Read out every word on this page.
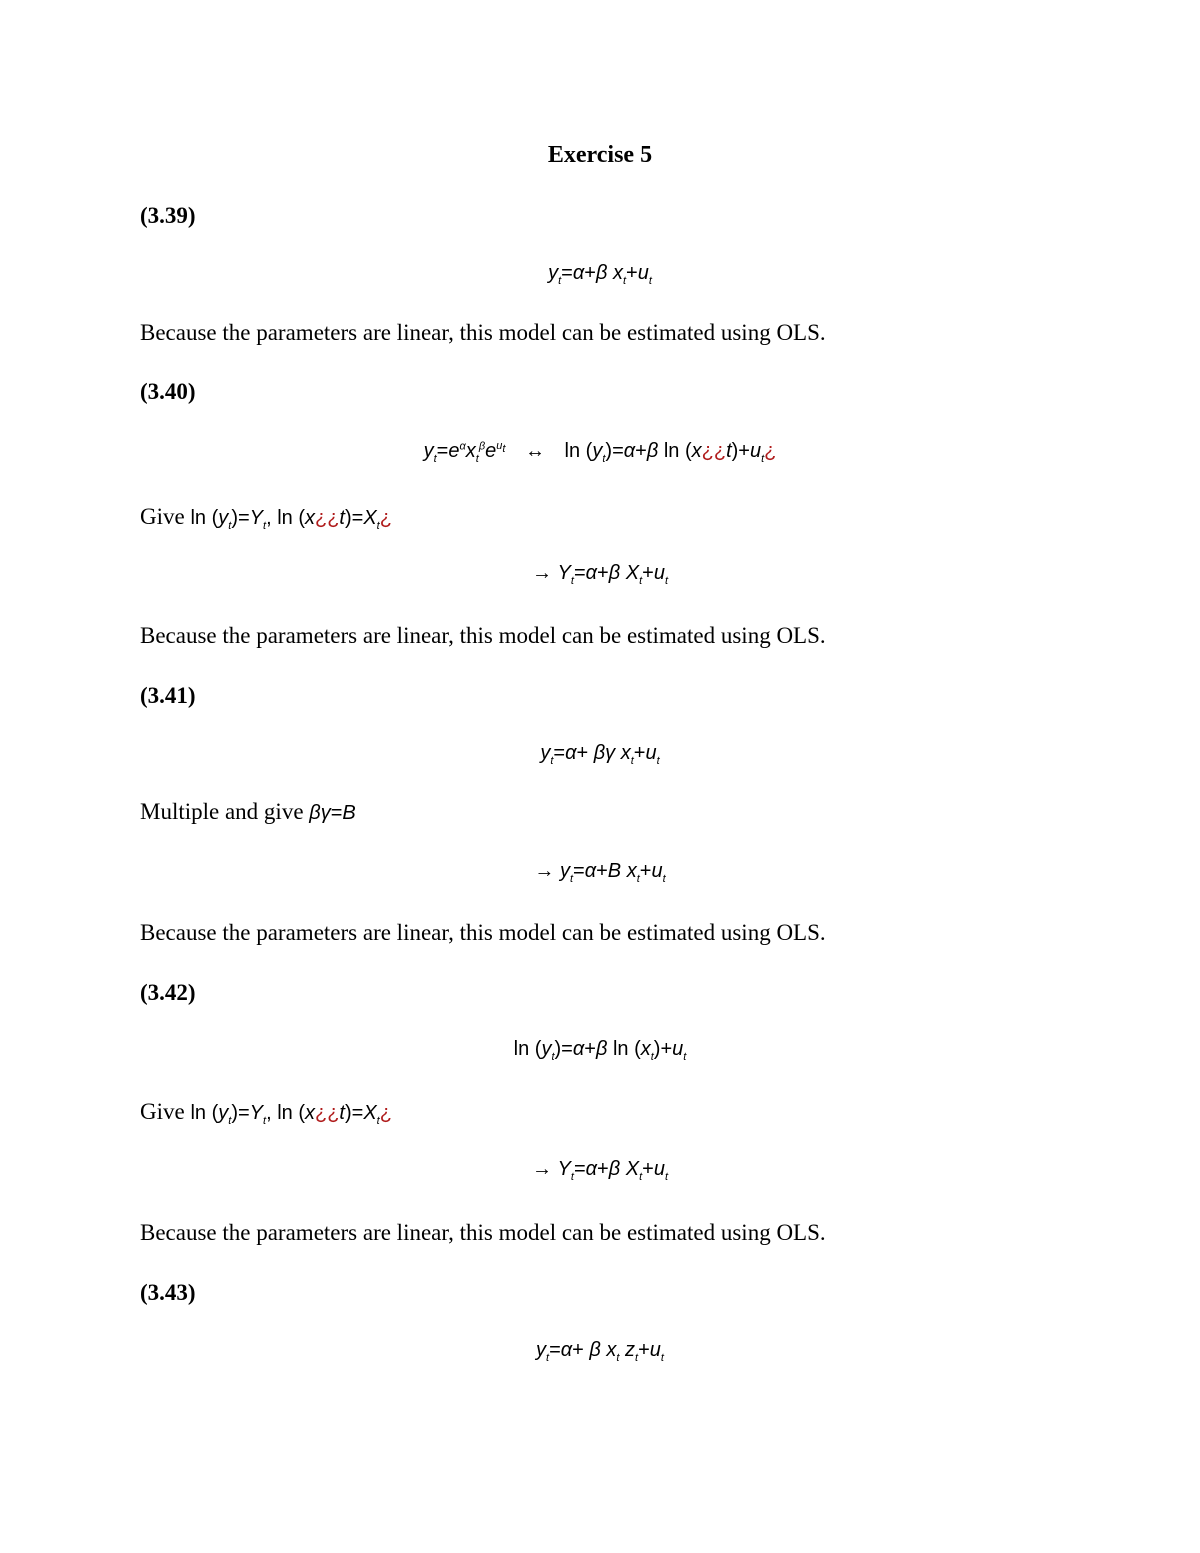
Exercise 5
(3.39)
$y_t=\alpha+\beta$ $x_t+u_t$
Because the parameters are linear, this model can be estimated using OLS.
(3.40)
$y_t=e^\alpha x_t^\beta e^{u_t}$ ↔ $\ln (y_t)=\alpha+\beta$ $\ln (x¿¿t)+u_t¿$
Give $\ln (y_t)=Y_t$, $\ln (x¿¿t)=X_t¿$
→ $Y_t=\alpha+\beta$ $X_t+u_t$
Because the parameters are linear, this model can be estimated using OLS.
(3.41)
$y_t=\alpha+ \beta\gamma$ $x_t+u_t$
Multiple and give βγ=B
→ $y_t=\alpha+B$ $x_t+u_t$
Because the parameters are linear, this model can be estimated using OLS.
(3.42)
$\ln (y_t)=\alpha+\beta$ $\ln (x_t)+u_t$
Give $\ln (y_t)=Y_t$, $\ln (x¿¿t)=X_t¿$
→ $Y_t=\alpha+\beta$ $X_t+u_t$
Because the parameters are linear, this model can be estimated using OLS.
(3.43)
$y_t=\alpha+ \beta$ $x_t$ $z_t+u_t$
